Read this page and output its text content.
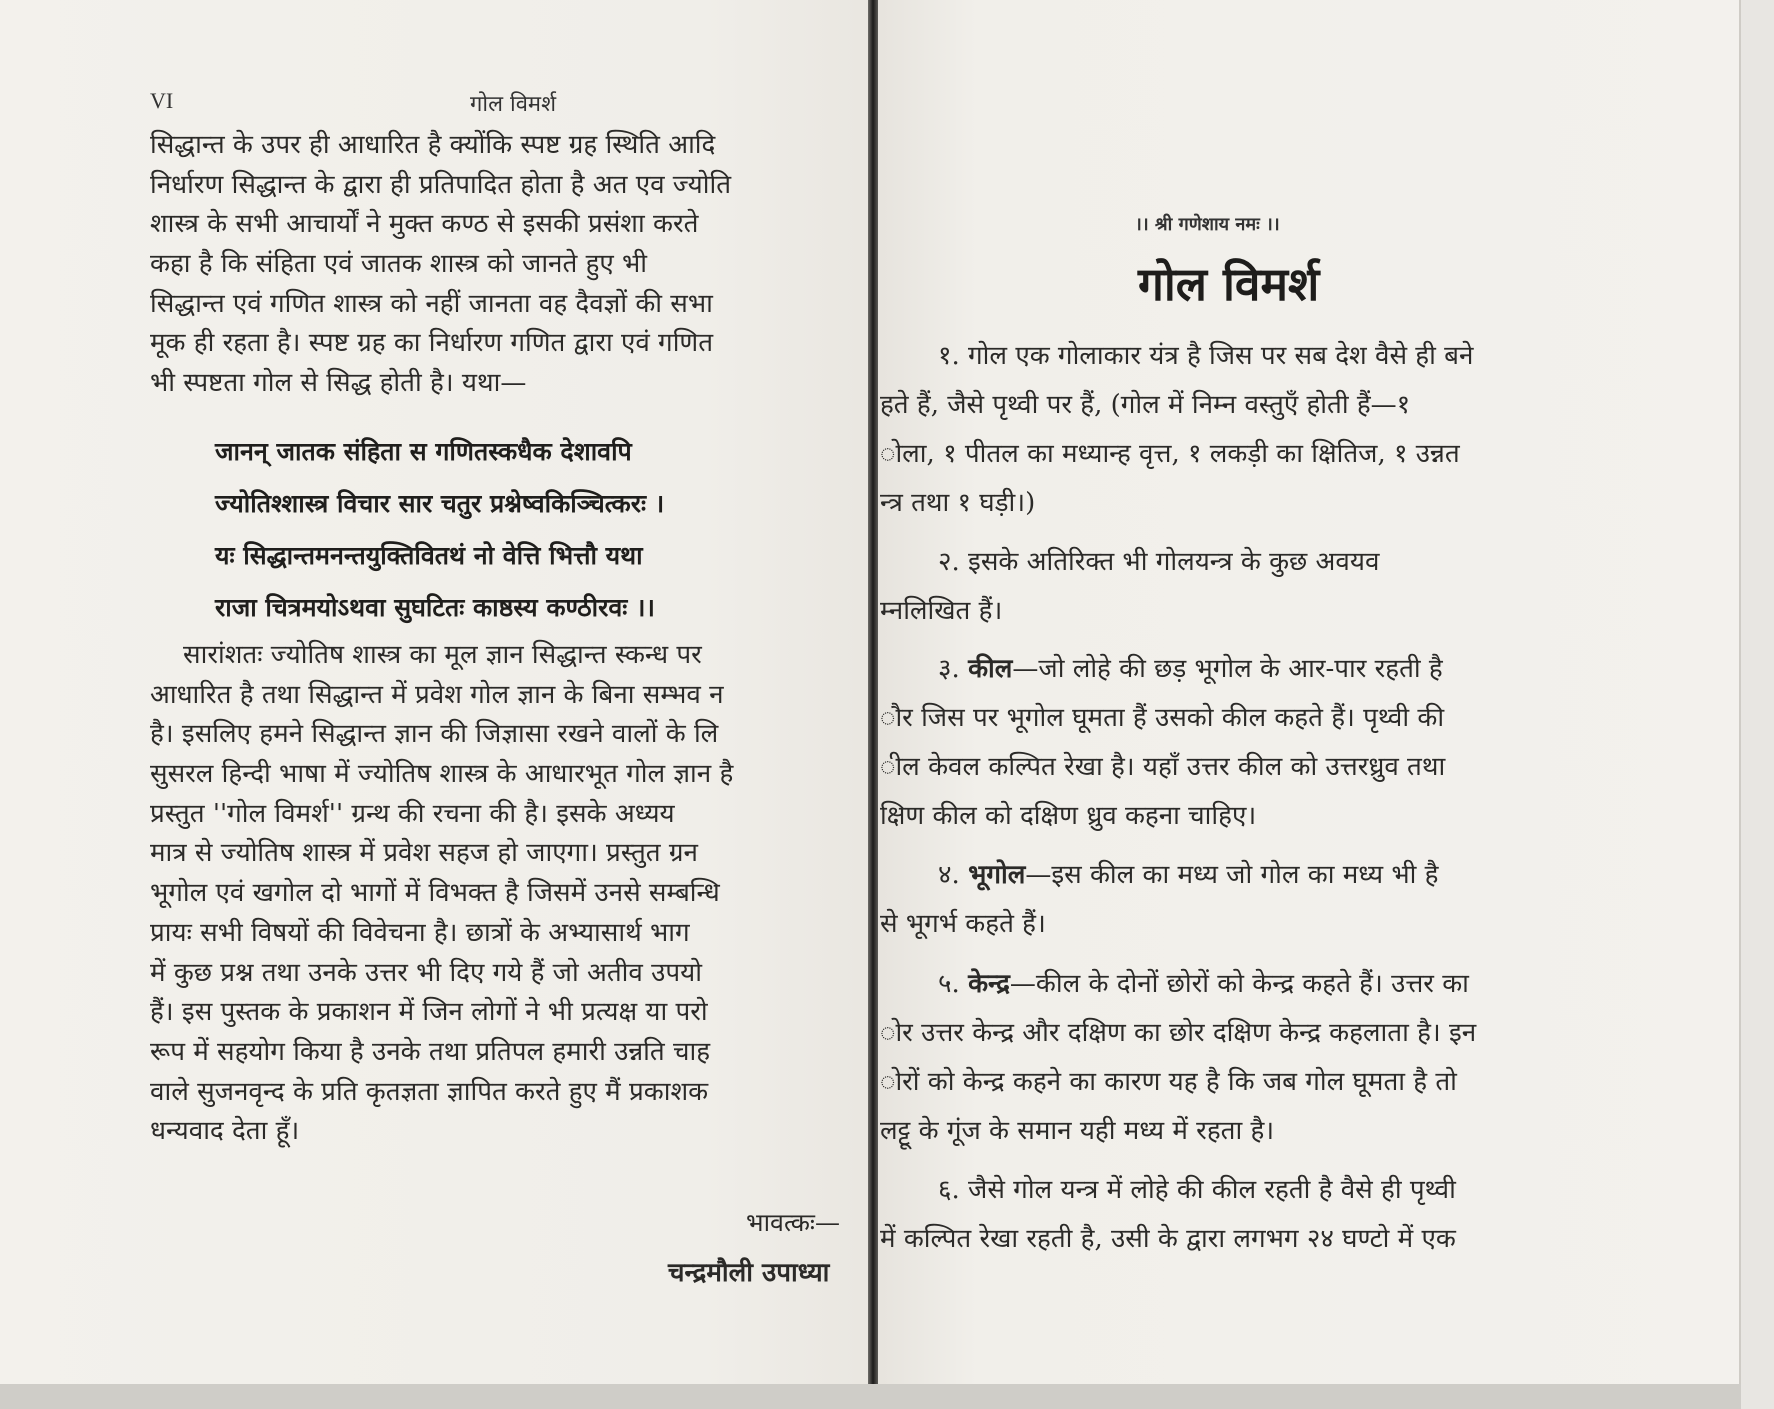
VI	गोल विमर्श
सिद्धान्त के उपर ही आधारित है क्योंकि स्पष्ट ग्रह स्थिति आदि
निर्धारण सिद्धान्त के द्वारा ही प्रतिपादित होता है अत एव ज्योति
शास्त्र के सभी आचार्यों ने मुक्त कण्ठ से इसकी प्रसंशा करते
कहा है कि संहिता एवं जातक शास्त्र को जानते हुए भी
सिद्धान्त एवं गणित शास्त्र को नहीं जानता वह दैवज्ञों की सभा
मूक ही रहता है। स्पष्ट ग्रह का निर्धारण गणित द्वारा एवं गणित
भी स्पष्टता गोल से सिद्ध होती है। यथा—
जानन् जातक संहिता स गणितस्कधैक देशावपि
ज्योतिश्शास्त्र विचार सार चतुर प्रश्नेष्वकिञ्चित्करः ।
यः सिद्धान्तमनन्तयुक्तिवितथं नो वेत्ति भित्तौ यथा
राजा चित्रमयोऽथवा सुघटितः काष्ठस्य कण्ठीरवः ।।
सारांशतः ज्योतिष शास्त्र का मूल ज्ञान सिद्धान्त स्कन्ध पर
आधारित है तथा सिद्धान्त में प्रवेश गोल ज्ञान के बिना सम्भव न
है। इसलिए हमने सिद्धान्त ज्ञान की जिज्ञासा रखने वालों के लि
सुसरल हिन्दी भाषा में ज्योतिष शास्त्र के आधारभूत गोल ज्ञान है
प्रस्तुत ''गोल विमर्श'' ग्रन्थ की रचना की है। इसके अध्यय
मात्र से ज्योतिष शास्त्र में प्रवेश सहज हो जाएगा। प्रस्तुत ग्रन
भूगोल एवं खगोल दो भागों में विभक्त है जिसमें उनसे सम्बन्धि
प्रायः सभी विषयों की विवेचना है। छात्रों के अभ्यासार्थ भाग
में कुछ प्रश्न तथा उनके उत्तर भी दिए गये हैं जो अतीव उपयो
हैं। इस पुस्तक के प्रकाशन में जिन लोगों ने भी प्रत्यक्ष या परो
रूप में सहयोग किया है उनके तथा प्रतिपल हमारी उन्नति चाह
वाले सुजनवृन्द के प्रति कृतज्ञता ज्ञापित करते हुए मैं प्रकाशक
धन्यवाद देता हूँ।
भावत्कः—
चन्द्रमौली उपाध्या
।। श्री गणेशाय नमः ।।
गोल विमर्श
१. गोल एक गोलाकार यंत्र है जिस पर सब देश वैसे ही बने
हते हैं, जैसे पृथ्वी पर हैं, (गोल में निम्न वस्तुएँ होती हैं—१
ोला, १ पीतल का मध्यान्ह वृत्त, १ लकड़ी का क्षितिज, १ उन्नत
न्त्र तथा १ घड़ी।)
२. इसके अतिरिक्त भी गोलयन्त्र के कुछ अवयव
म्नलिखित हैं।
३. कील—जो लोहे की छड़ भूगोल के आर-पार रहती है
ौर जिस पर भूगोल घूमता हैं उसको कील कहते हैं। पृथ्वी की
ील केवल कल्पित रेखा है। यहाँ उत्तर कील को उत्तरध्रुव तथा
क्षिण कील को दक्षिण ध्रुव कहना चाहिए।
४. भूगोल—इस कील का मध्य जो गोल का मध्य भी है
से भूगर्भ कहते हैं।
५. केन्द्र—कील के दोनों छोरों को केन्द्र कहते हैं। उत्तर का
ोर उत्तर केन्द्र और दक्षिण का छोर दक्षिण केन्द्र कहलाता है। इन
ोरों को केन्द्र कहने का कारण यह है कि जब गोल घूमता है तो
लट्टू के गूंज के समान यही मध्य में रहता है।
६. जैसे गोल यन्त्र में लोहे की कील रहती है वैसे ही पृथ्वी
में कल्पित रेखा रहती है, उसी के द्वारा लगभग २४ घण्टो में एक
